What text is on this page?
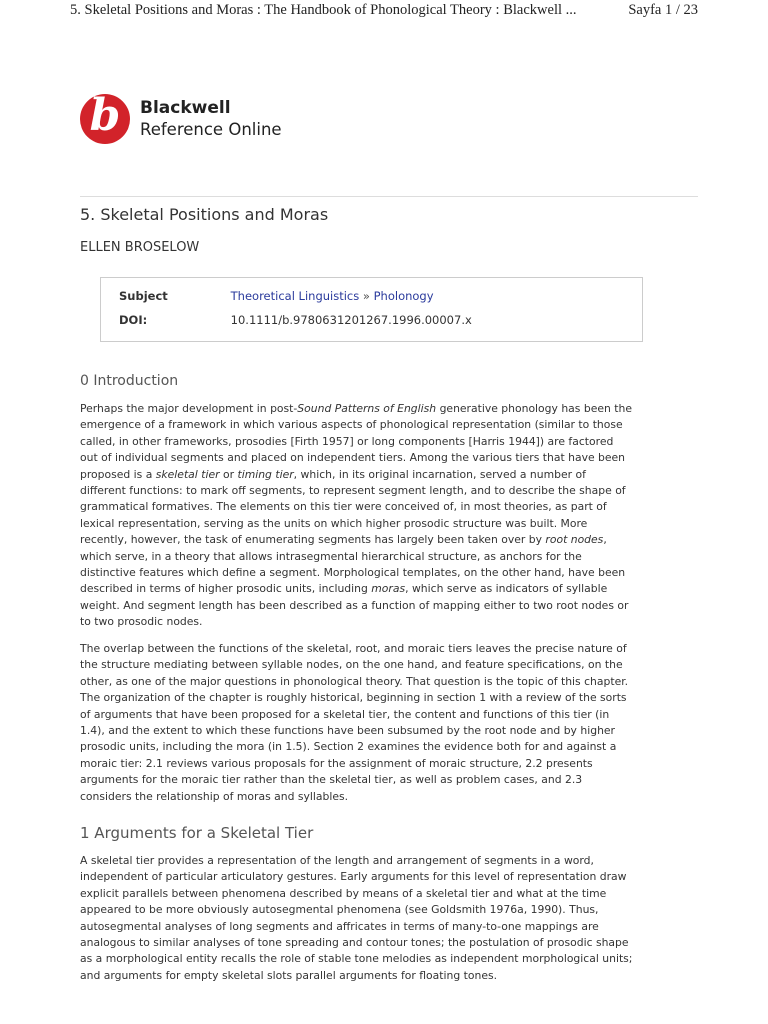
5. Skeletal Positions and Moras : The Handbook of Phonological Theory : Blackwell ...	Sayfa 1 / 23
b	Blackwell
Reference Online
5. Skeletal Positions and Moras
ELLEN BROSELOW
Subject	Theoretical Linguistics » Pholonogy
DOI:	10.1111/b.9780631201267.1996.00007.x
0 Introduction
Perhaps the major development in post-Sound Patterns of English generative phonology has been the
emergence of a framework in which various aspects of phonological representation (similar to those
called, in other frameworks, prosodies [Firth 1957] or long components [Harris 1944]) are factored
out of individual segments and placed on independent tiers. Among the various tiers that have been
proposed is a skeletal tier or timing tier, which, in its original incarnation, served a number of
different functions: to mark off segments, to represent segment length, and to describe the shape of
grammatical formatives. The elements on this tier were conceived of, in most theories, as part of
lexical representation, serving as the units on which higher prosodic structure was built. More
recently, however, the task of enumerating segments has largely been taken over by root nodes,
which serve, in a theory that allows intrasegmental hierarchical structure, as anchors for the
distinctive features which define a segment. Morphological templates, on the other hand, have been
described in terms of higher prosodic units, including moras, which serve as indicators of syllable
weight. And segment length has been described as a function of mapping either to two root nodes or
to two prosodic nodes.
The overlap between the functions of the skeletal, root, and moraic tiers leaves the precise nature of
the structure mediating between syllable nodes, on the one hand, and feature specifications, on the
other, as one of the major questions in phonological theory. That question is the topic of this chapter.
The organization of the chapter is roughly historical, beginning in section 1 with a review of the sorts
of arguments that have been proposed for a skeletal tier, the content and functions of this tier (in
1.4), and the extent to which these functions have been subsumed by the root node and by higher
prosodic units, including the mora (in 1.5). Section 2 examines the evidence both for and against a
moraic tier: 2.1 reviews various proposals for the assignment of moraic structure, 2.2 presents
arguments for the moraic tier rather than the skeletal tier, as well as problem cases, and 2.3
considers the relationship of moras and syllables.
1 Arguments for a Skeletal Tier
A skeletal tier provides a representation of the length and arrangement of segments in a word,
independent of particular articulatory gestures. Early arguments for this level of representation draw
explicit parallels between phenomena described by means of a skeletal tier and what at the time
appeared to be more obviously autosegmental phenomena (see Goldsmith 1976a, 1990). Thus,
autosegmental analyses of long segments and affricates in terms of many-to-one mappings are
analogous to similar analyses of tone spreading and contour tones; the postulation of prosodic shape
as a morphological entity recalls the role of stable tone melodies as independent morphological units;
and arguments for empty skeletal slots parallel arguments for floating tones.
